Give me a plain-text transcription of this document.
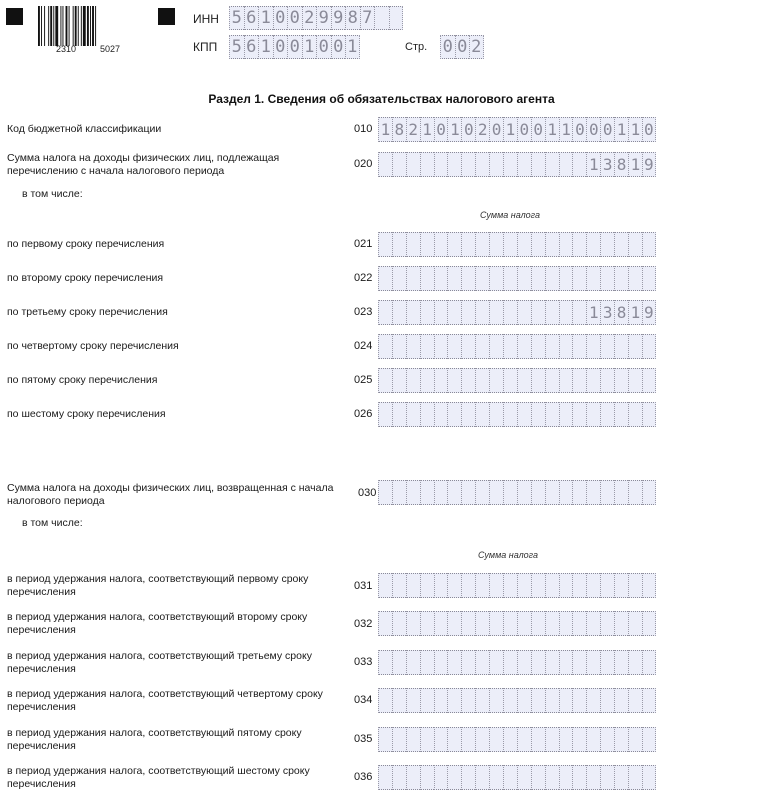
2310	5027
ИНН 5 6 1 0 0 2 9 9 8 7
КПП 5 6 1 0 0 1 0 0 1	Стр. 0 0 2
Раздел 1. Сведения об обязательствах налогового агента
Код бюджетной классификации	010 1 8 2 1 0 1 0 2 0 1 0 0 1 1 0 0 0 1 1 0
Сумма налога на доходы физических лиц, подлежащая перечислению с начала налогового периода
020	1 3 8 1 9
в том числе:
Сумма налога
по первому сроку перечисления	021
по второму сроку перечисления	022
по третьему сроку перечисления	023	1 3 8 1 9
по четвертому сроку перечисления	024
по пятому сроку перечисления	025
по шестому сроку перечисления	026
Сумма налога на доходы физических лиц, возвращенная с начала налогового периода
030
в том числе:
Сумма налога
в период удержания налога, соответствующий первому сроку перечисления	031
в период удержания налога, соответствующий второму сроку перечисления	032
в период удержания налога, соответствующий третьему сроку перечисления
033
в период удержания налога, соответствующий четвертому сроку перечисления
034
в период удержания налога, соответствующий пятому сроку перечисления
035
в период удержания налога, соответствующий шестому сроку перечисления
036
